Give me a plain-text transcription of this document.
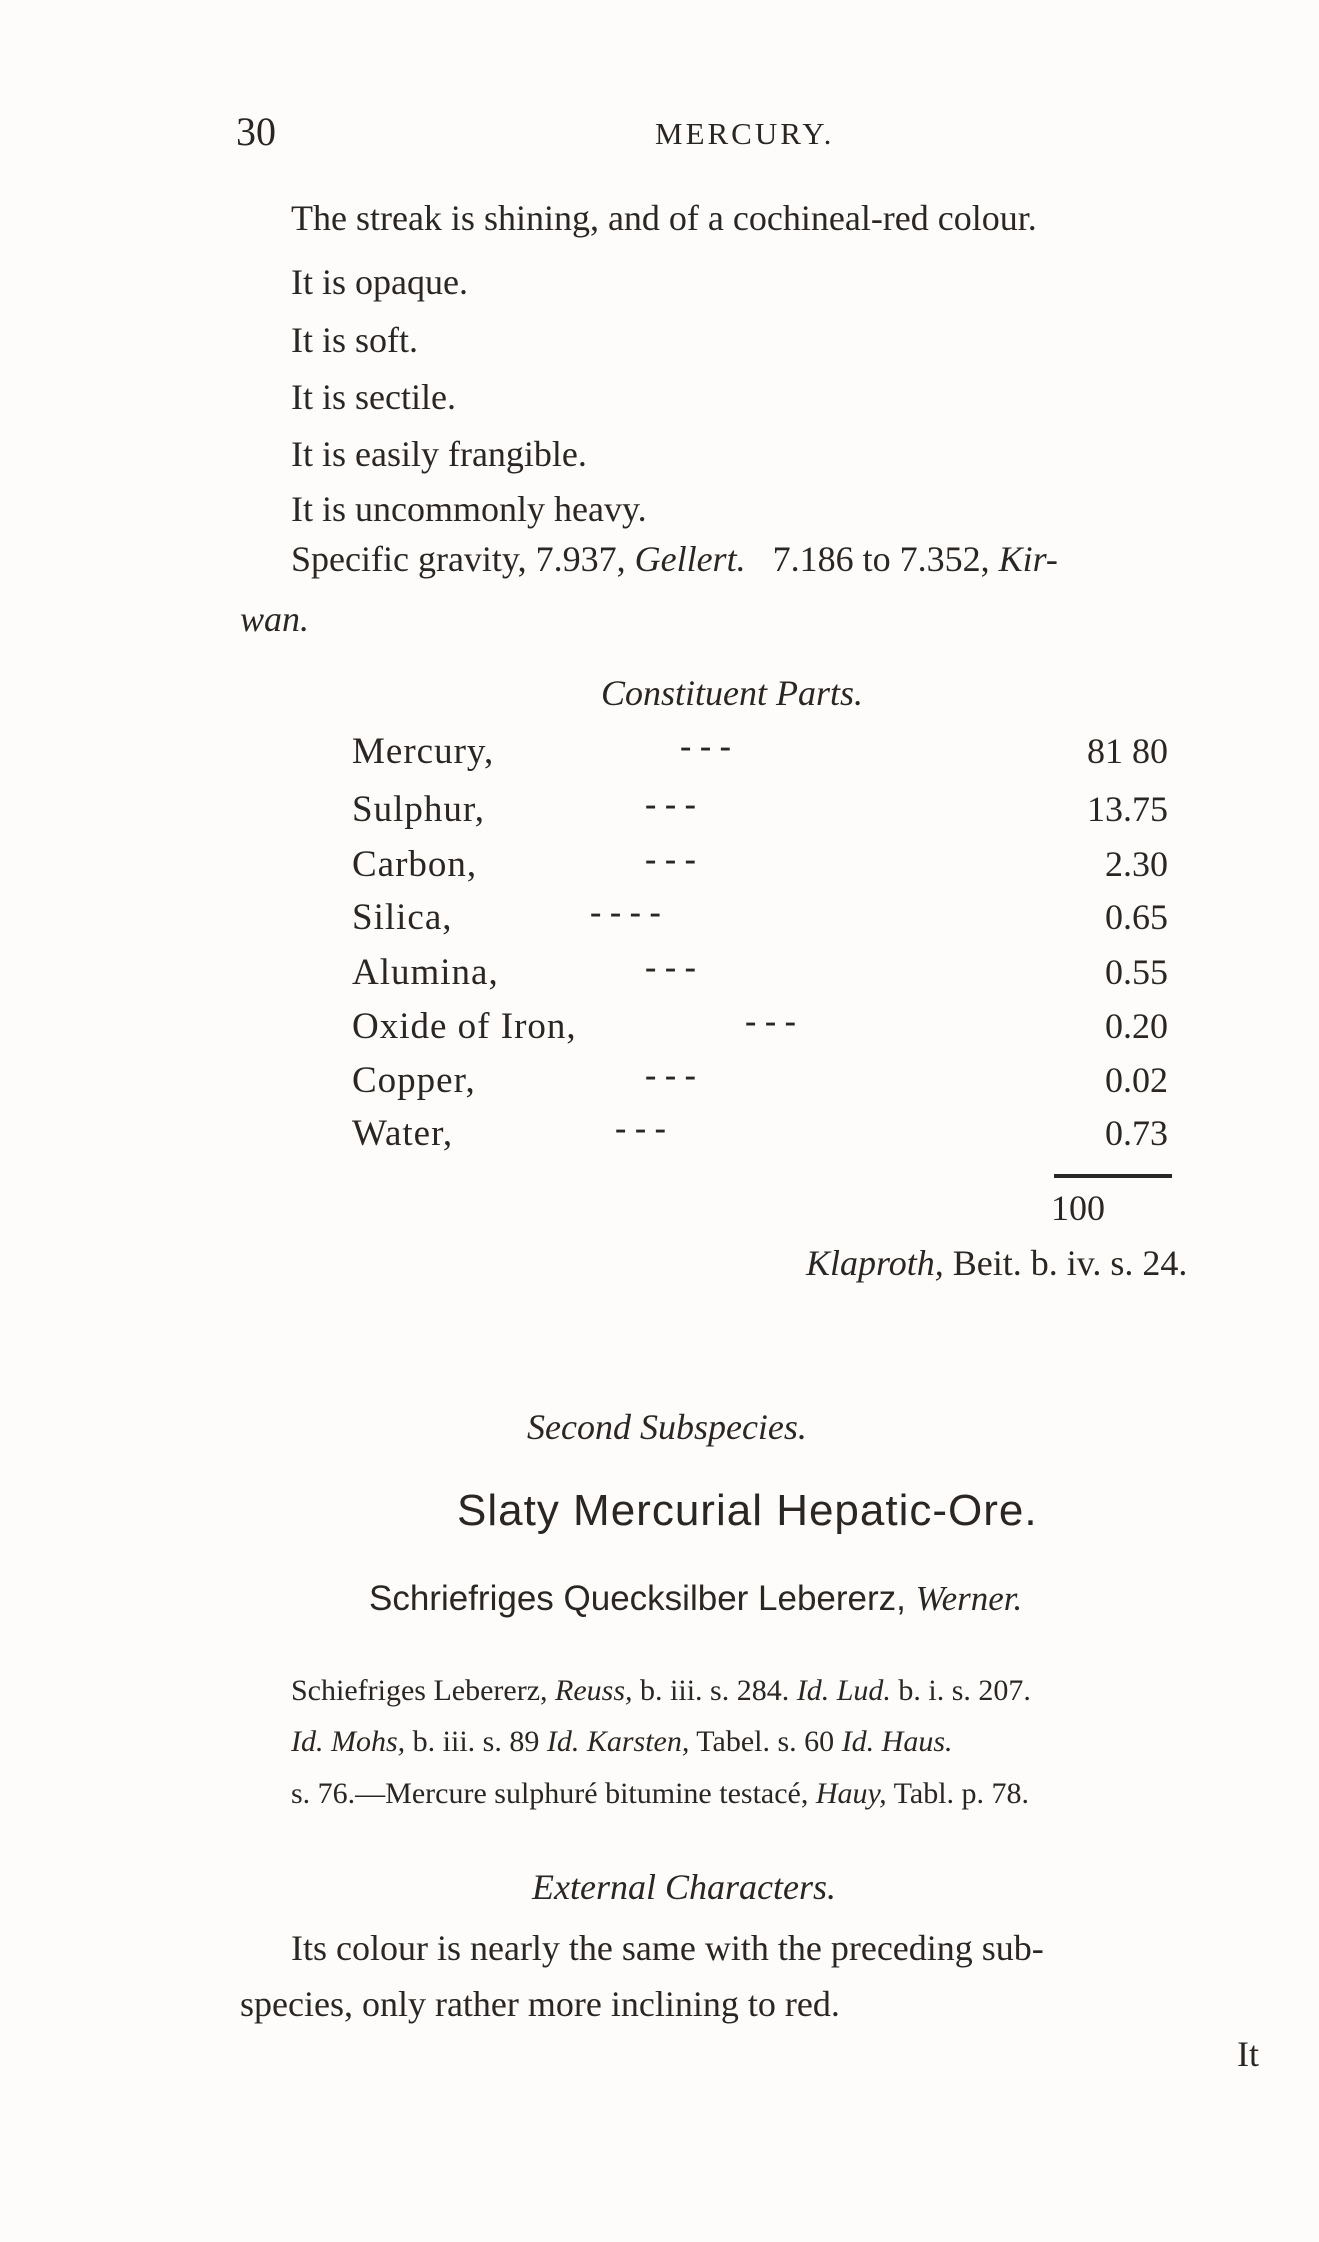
30	MERCURY.
The streak is shining, and of a cochineal-red colour.
It is opaque.
It is soft.
It is sectile.
It is easily frangible.
It is uncommonly heavy.
Specific gravity, 7.937, Gellert. 7.186 to 7.352, Kir-
wan.
Constituent Parts.
Mercury,	- - -	81 80
Sulphur,	- - -	13.75
Carbon,	- - -	2.30
Silica,	- - - -	0.65
Alumina,	- - -	0.55
Oxide of Iron,	- - -	0.20
Copper,	- - -	0.02
Water,	- - -	0.73
100
Klaproth, Beit. b. iv. s. 24.
Second Subspecies.
Slaty Mercurial Hepatic-Ore.
Schriefriges Quecksilber Lebererz, Werner.
Schiefriges Lebererz, Reuss, b. iii. s. 284. Id. Lud. b. i. s. 207.
Id. Mohs, b. iii. s. 89 Id. Karsten, Tabel. s. 60 Id. Haus.
s. 76.—Mercure sulphuré bitumine testacé, Hauy, Tabl. p. 78.
External Characters.
Its colour is nearly the same with the preceding sub-
species, only rather more inclining to red.
It
